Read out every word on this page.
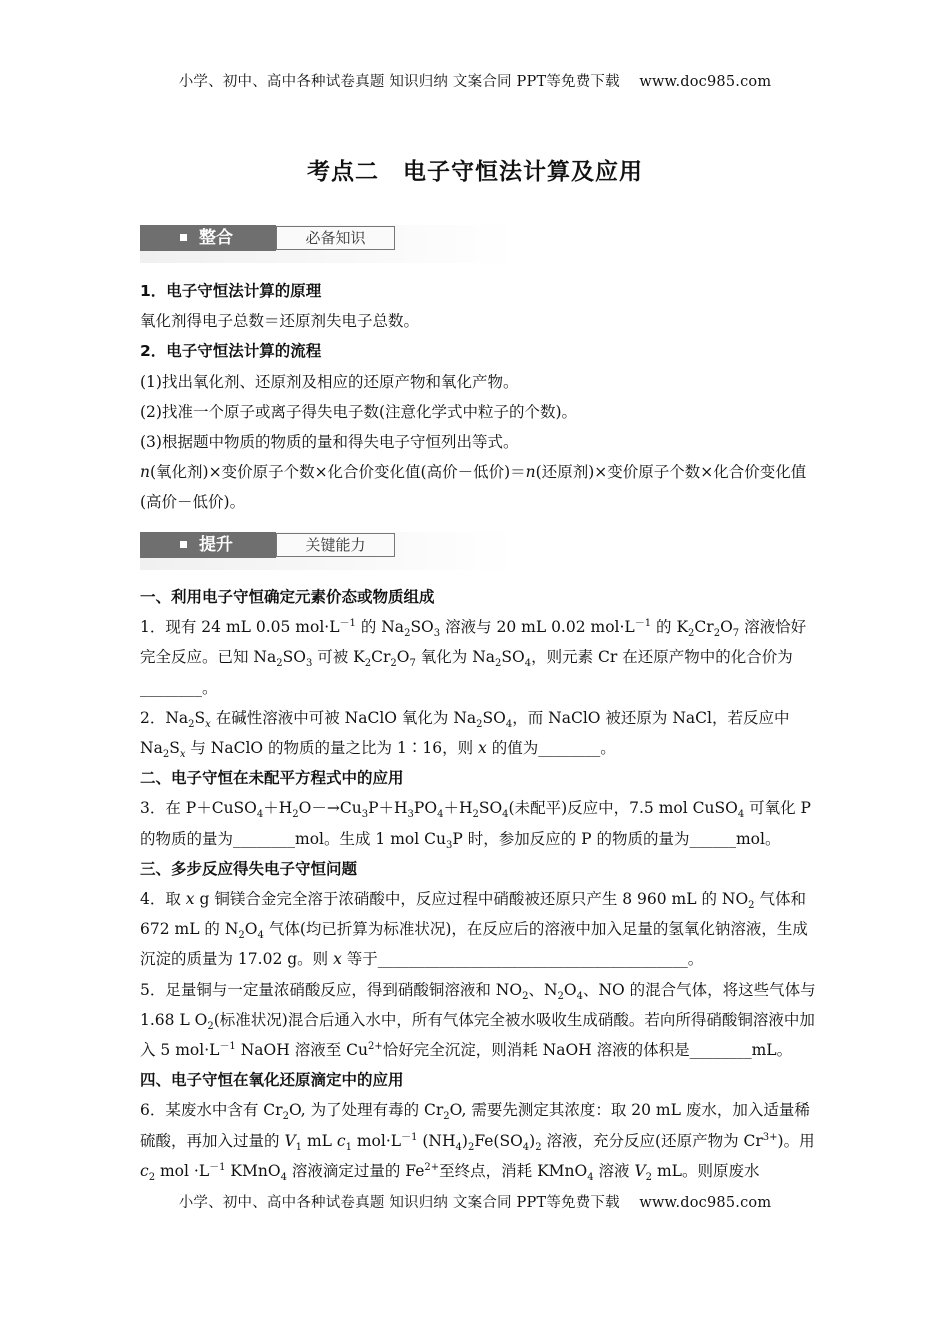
小学、初中、高中各种试卷真题 知识归纳 文案合同 PPT等免费下载　 www.doc985.com
考点二　电子守恒法计算及应用
整合	必备知识
提升	关键能力

1．电子守恒法计算的原理

氧化剂得电子总数＝还原剂失电子总数。

2．电子守恒法计算的流程

(1)找出氧化剂、还原剂及相应的还原产物和氧化产物。

(2)找准一个原子或离子得失电子数(注意化学式中粒子的个数)。

(3)根据题中物质的物质的量和得失电子守恒列出等式。

n(氧化剂)×变价原子个数×化合价变化值(高价－低价)＝n(还原剂)×变价原子个数×化合价变化值(高价－低价)。

一、利用电子守恒确定元素价态或物质组成

1．现有 24 mL 0.05 $mol\cdot L^{-1}$ 的 $Na_2SO_3$ 溶液与 20 mL 0.02 $mol\cdot L^{-1}$ 的 $K_2Cr_2O_7$ 溶液恰好完全反应。已知 $Na_2SO_3$ 可被 $K_2Cr_2O_7$ 氧化为 $Na_2SO_4$，则元素 Cr 在还原产物中的化合价为________。

2．$Na_2S_x$ 在碱性溶液中可被 NaClO 氧化为 $Na_2SO_4$，而 NaClO 被还原为 NaCl，若反应中 $Na_2S_x$ 与 NaClO 的物质的量之比为 1∶16，则 x 的值为________。

二、电子守恒在未配平方程式中的应用

3．在 $P+CuSO_4+H_2O-\to Cu_3P+H_3PO_4+H_2SO_4$(未配平)反应中，7.5 mol CuSO$_4$ 可氧化 P 的物质的量为________mol。生成 1 mol $Cu_3P$ 时，参加反应的 P 的物质的量为______mol。

三、多步反应得失电子守恒问题

4．取 x g 铜镁合金完全溶于浓硝酸中，反应过程中硝酸被还原只产生 8 960 mL 的 $NO_2$ 气体和 672 mL 的 $N_2O_4$ 气体(均已折算为标准状况)，在反应后的溶液中加入足量的氢氧化钠溶液，生成沉淀的质量为 17.02 g。则 x 等于________________________________________。

5．足量铜与一定量浓硝酸反应，得到硝酸铜溶液和 $NO_2$、$N_2O_4$、NO 的混合气体，将这些气体与 1.68 L $O_2$(标准状况)混合后通入水中，所有气体完全被水吸收生成硝酸。若向所得硝酸铜溶液中加入 5 $mol\cdot L^{-1}$ NaOH 溶液至 $Cu^{2+}$恰好完全沉淀，则消耗 NaOH 溶液的体积是________mL。

四、电子守恒在氧化还原滴定中的应用

6．某废水中含有 $Cr_2O$, 为了处理有毒的 $Cr_2O$, 需要先测定其浓度：取 20 mL 废水，加入适量稀硫酸，再加入过量的 $V_1$ mL $c_1$ $mol\cdot L^{-1}$ $(NH_4)_2Fe(SO_4)_2$ 溶液，充分反应(还原产物为 $Cr^{3+}$)。用 $c_2$ mol $\cdot L^{-1}$ KMnO$_4$ 溶液滴定过量的 $Fe^{2+}$至终点，消耗 KMnO$_4$ 溶液 $V_2$ mL。则原废水

小学、初中、高中各种试卷真题 知识归纳 文案合同 PPT等免费下载　 www.doc985.com
